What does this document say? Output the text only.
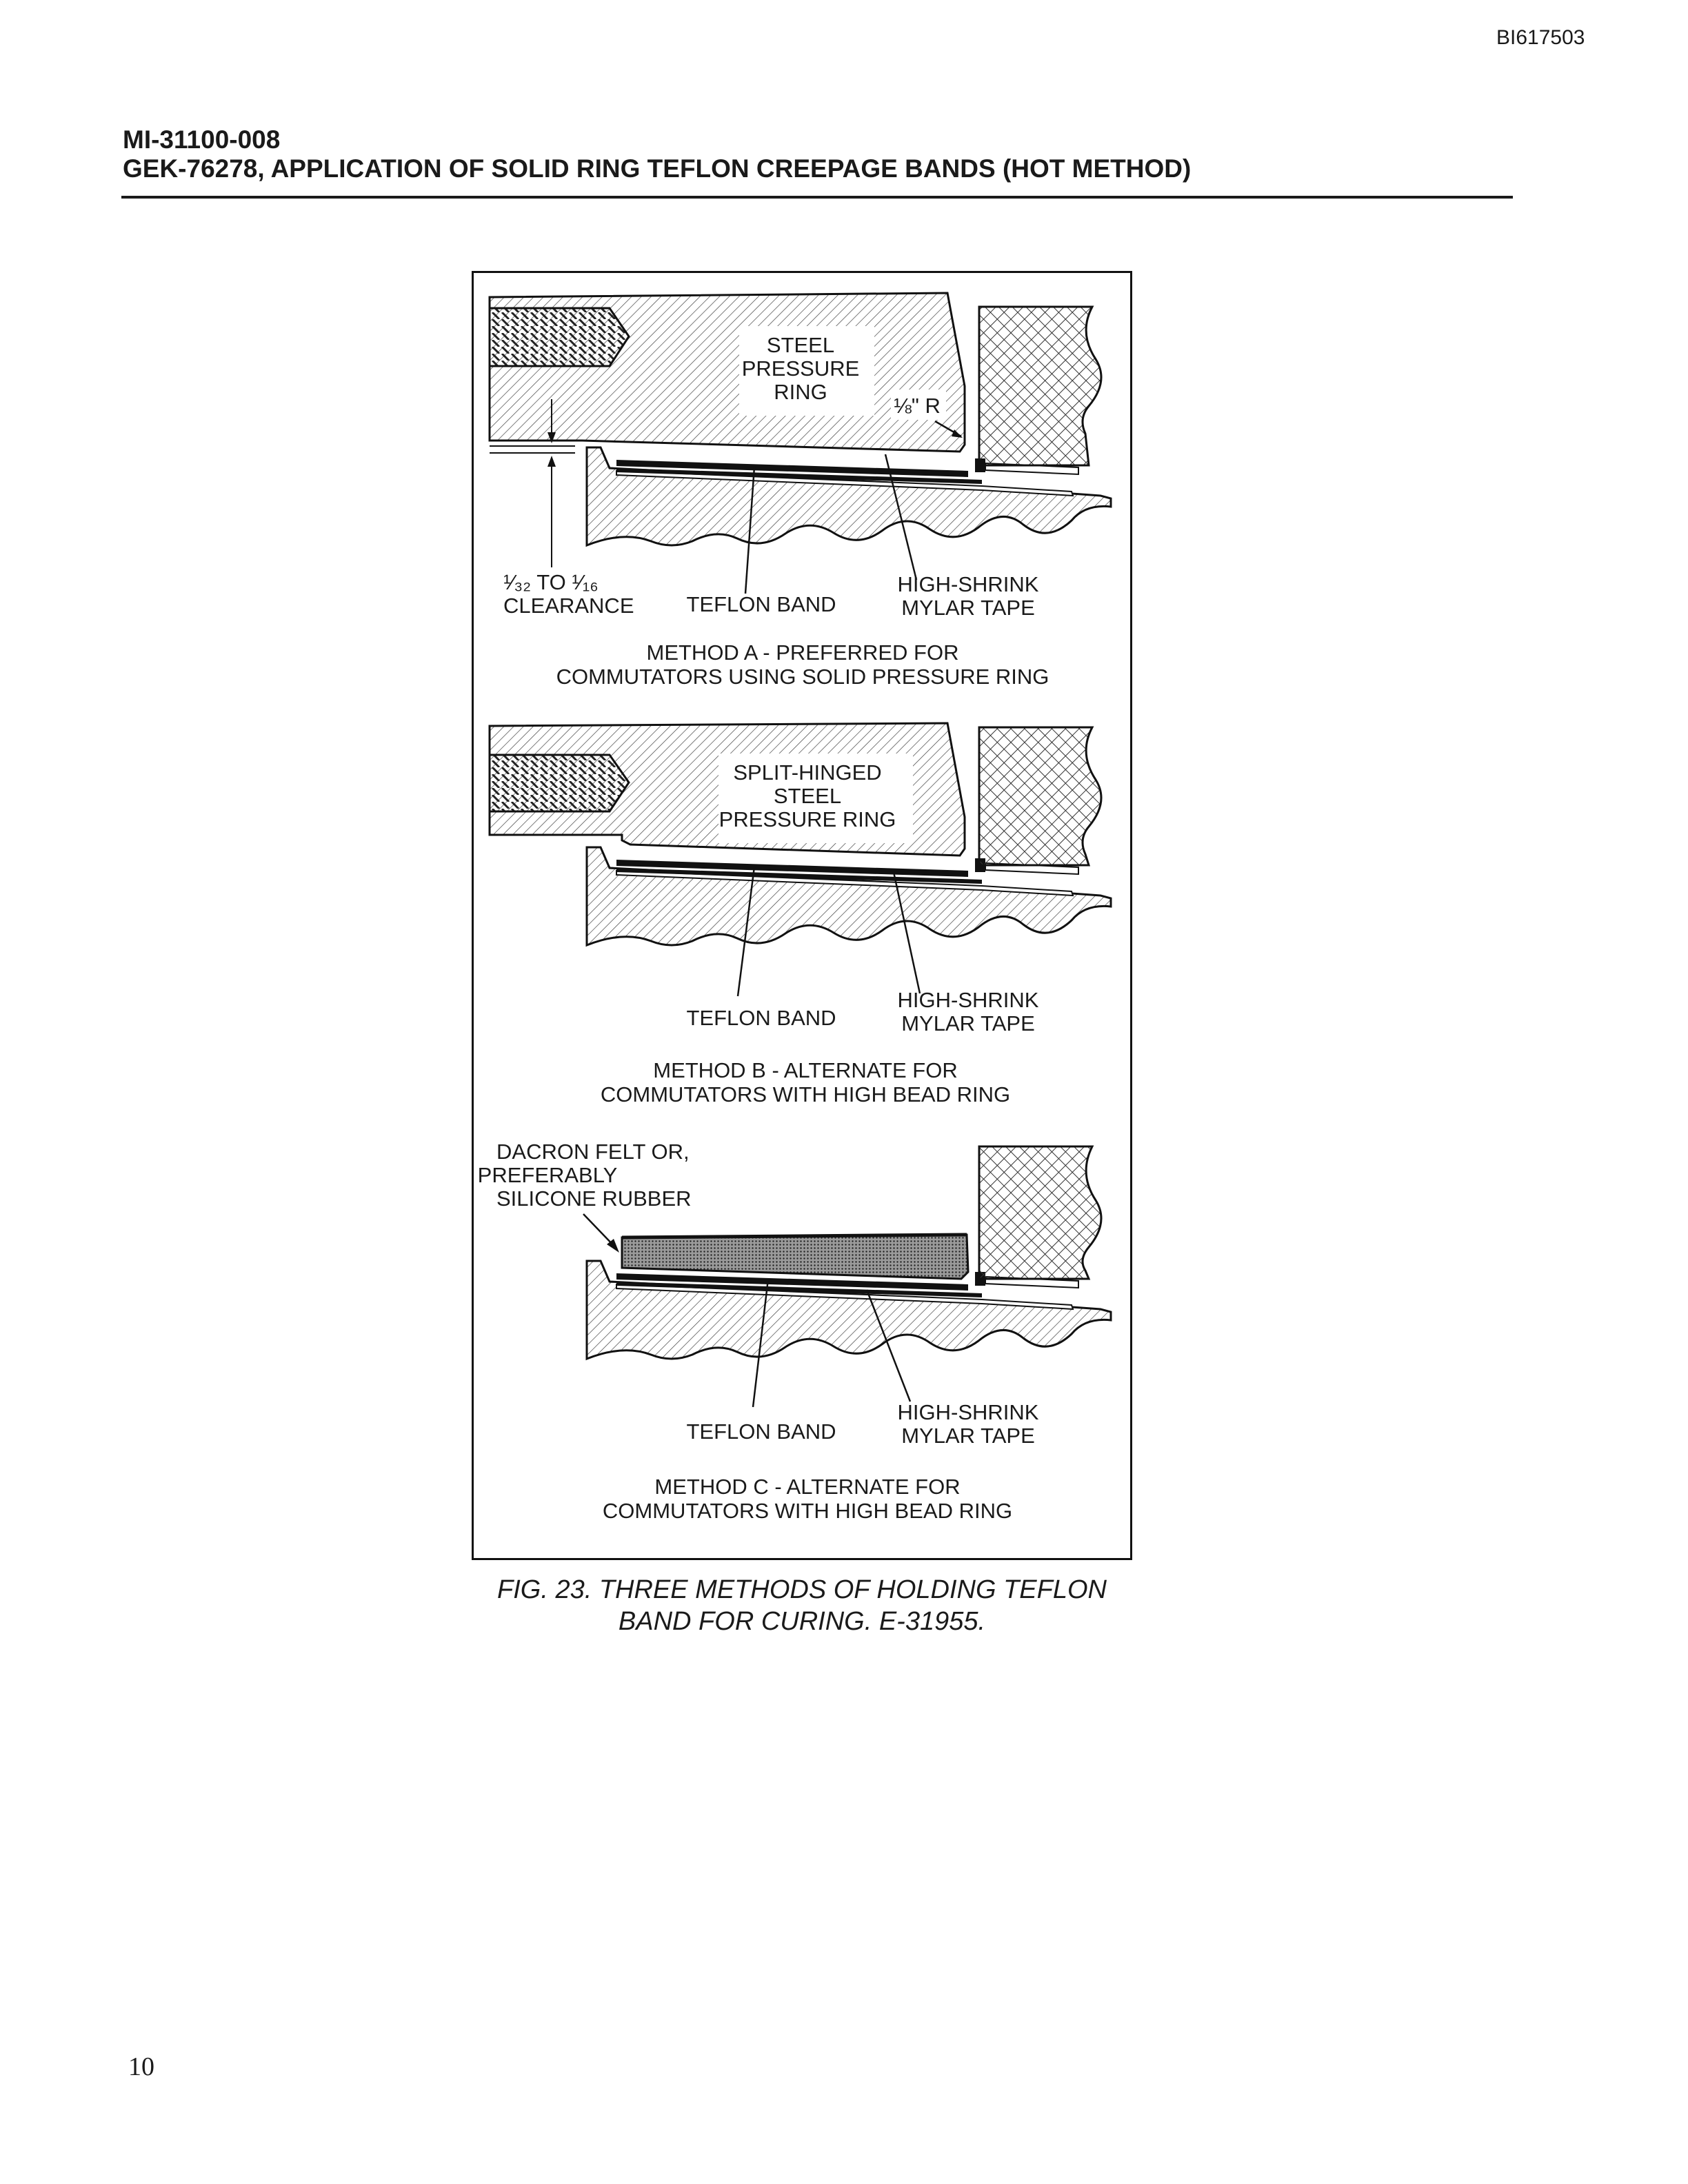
BI617503
MI-31100-008
GEK-76278, APPLICATION OF SOLID RING TEFLON CREEPAGE BANDS (HOT METHOD)
STEEL
PRESSURE
RING
⅛" R
¹⁄₃₂ TO ¹⁄₁₆
CLEARANCE TEFLON BAND
HIGH-SHRINK
MYLAR TAPE
METHOD A - PREFERRED FOR
COMMUTATORS USING SOLID PRESSURE RING
SPLIT-HINGED
STEEL
PRESSURE RING
TEFLON BAND
HIGH-SHRINK
MYLAR TAPE
METHOD B - ALTERNATE FOR
COMMUTATORS WITH HIGH BEAD RING
DACRON FELT OR,
PREFERABLY
SILICONE RUBBER
TEFLON BAND
HIGH-SHRINK
MYLAR TAPE
METHOD C - ALTERNATE FOR
COMMUTATORS WITH HIGH BEAD RING
FIG. 23. THREE METHODS OF HOLDING TEFLON
BAND FOR CURING. E-31955.
10
